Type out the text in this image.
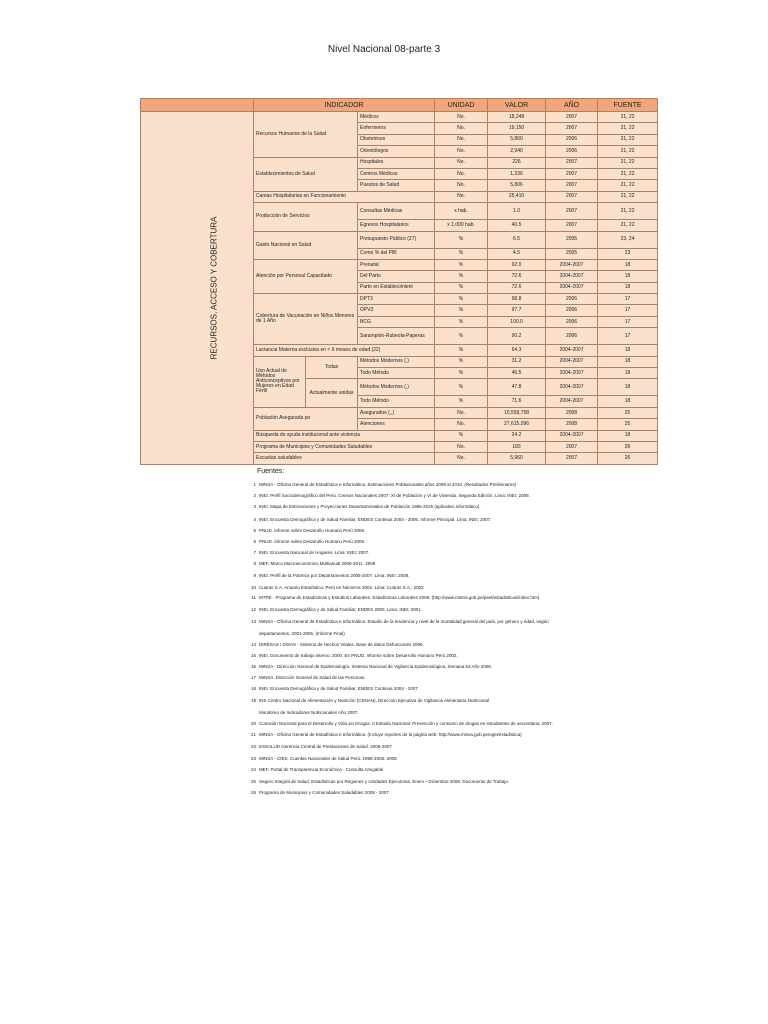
Nivel Nacional 08-parte 3
	INDICADOR			UNIDAD	VALOR	AÑO	FUENTE
RECURSOS, ACCESO Y COBERTURA	Recursos Humanos de la Salud		Médicos	No.	18,248	2007	21, 22
			Enfermeros	No.	19,150	2007	21, 22
			Obstetrices	No.	5,860	2006	21, 22
			Odontólogos	No.	2,940	2006	21, 22
	Establecimientos de Salud		Hospitales	No.	226	2007	21, 22
			Centros Médicos	No.	1,336	2007	21, 22
			Puestos de Salud	No.	5,806	2007	21, 22
	Camas Hospitalarias en Funcionamiento			No.	25,410	2007	21, 22
	Producción de Servicios		Consultas Médicas	x hab.	1.0	2007	21, 22
			Egresos Hospitalarios	x 1,000 hab.	40.5	2007	21, 22
	Gasto Nacional en Salud		Presupuesto Público (27)	%	6.5	2005	23, 24
			Como % del PBI	%	4.5	2005	23
	Atención por Personal Capacitado		Prenatal	%	92.0	2004-2007	18
			Del Parto	%	72.6	2004-2007	18
			Parto en Establecimient	%	72.6	2004-2007	18
	Cobertura de Vacunación en Niños Menores de 1 Año		DPT3	%	98.8	2006	17
			OPV3	%	97.7	2006	17
			BCG	%	100.0	2006	17
			Sarampión-Rubeola-Paperas	%	90.2	2006	17
	Lactancia Materna exclusiva en < 6 meses de edad (22)			%	64.3	2004-2007	18
	Uso Actual de Métodos Anticonceptivos por Mujeres en Edad Fértil	Todas	Métodos Modernos (,)	%	31.2	2004-2007	18
			Todo Método	%	46.5	2004-2007	18
		Actualmente unidas	Métodos Modernos (,)	%	47.8	2004-2007	18
			Todo Método	%	71.6	2004-2007	18
	Población Asegurada po		Asegurados (,,)	No.	10,558,758	2008	25
			Atenciones	No.	27,615,096	2008	25
	Búsqueda de ayuda institucional ante violencia			%	24.2	2004-2007	18
	Programa de Municipios y Comunidades Saludables			No.	183	2007	26
	Escuelas saludables			No.	5,960	2007	26
Fuentes:
1 MINSA - Oficina General de Estadística e Informática. Estimaciones Poblacionales años 2008 al 2010. (Resultados Preliminares)
2 INEI. Perfil Sociodemográfico del Perú. Censos Nacionales 2007. XI de Población y VI de Vivienda. Segunda Edición. Lima: INEI; 2008.
3 INEI. Mapa de Estimaciones y Proyecciones Departamentales de Población 1995-2025 (aplicativo informático).
4 INEI. Encuesta Demográfica y de Salud Familiar, ENDES Continua 2004 - 2006. Informe Principal. Lima: INEI; 2007.
5 PNUD. Informe sobre Desarrollo Humano Perú 2006.
6 PNUD. Informe sobre Desarrollo Humano Perú 2005.
7 INEI. Encuesta Nacional de Hogares. Lima: INEI; 2007.
8 MEF. Marco Macroeconómico Multianual 2009-2011. 2008
9 INEI. Perfil de la Pobreza por Departamentos 2005-2007. Lima: INEI; 2008.
10 Cuanto S.A. Anuario Estadístico. Perú en Números 2002. Lima: Cuánto S.A.; 2002
11 MTPE - Programa de Estadísticas y Estudios Laborales. Estadísticas Laborales 2006. (http://www.mintra.gob.pe/peel/estadisticas/index.htm)
12 INEI. Encuesta Demográfica y de Salud Familiar, ENDES 2000. Lima: INEI; 2001.
13 MINSA - Oficina General de Estadística e Informática. Estudio de la tendencia y nivel de la mortalidad general del país, por género y edad, según
departamentos. 2001-2006. (Informe Final)
14 DIRESAS / DISAS - Sistema de Hechos Vitales. Base de datos Defunciones 2006.
15 INEI. Documento de trabajo interno. 2000. En PNUD. Informe sobre Desarrollo Humano Perú 2002.
16 MINSA - Dirección General de Epidemiología. Sistema Nacional de Vigilancia Epidemiológica, Semana 53 Año 2008.
17 MINSA. Dirección General de Salud de las Personas.
18 INEI. Encuesta Demográfica y de Salud Familiar, ENDES Continua 2004 - 2007.
19 INS Centro Nacional de Alimentación y Nutrición (CENAN), Dirección Ejecutiva de Vigilancia Alimentaria Nutricional
Monitoreo de Indicadores Nutricionales Año 2007.
20 Comisión Nacional para el Desarrollo y Vida sin Drogas. II Estudio Nacional: Prevención y consumo de drogas en estudiantes de secundaria, 2007.
21 MINSA - Oficina General de Estadística e Informática. (Incluye reportes de la página web: http://www.minsa.gob.pe/ogei/estadistica)
22 ESSALUD.Gerencia Central de Prestaciones de Salud. 2005-2007
23 MINSA - CIES. Cuentas Nacionales de Salud Perú. 1995-2005. 2008
24 MEF. Portal de Transparencia Económica - Consulta Amigable
25 Seguro Integral de Salud. Estadísticas por Regiones y Unidades Ejecutoras. Enero - Diciembre 2008. Documento de Trabajo.
26 Programa de Municipios y Comunidades Saludables 2008 - 2007
